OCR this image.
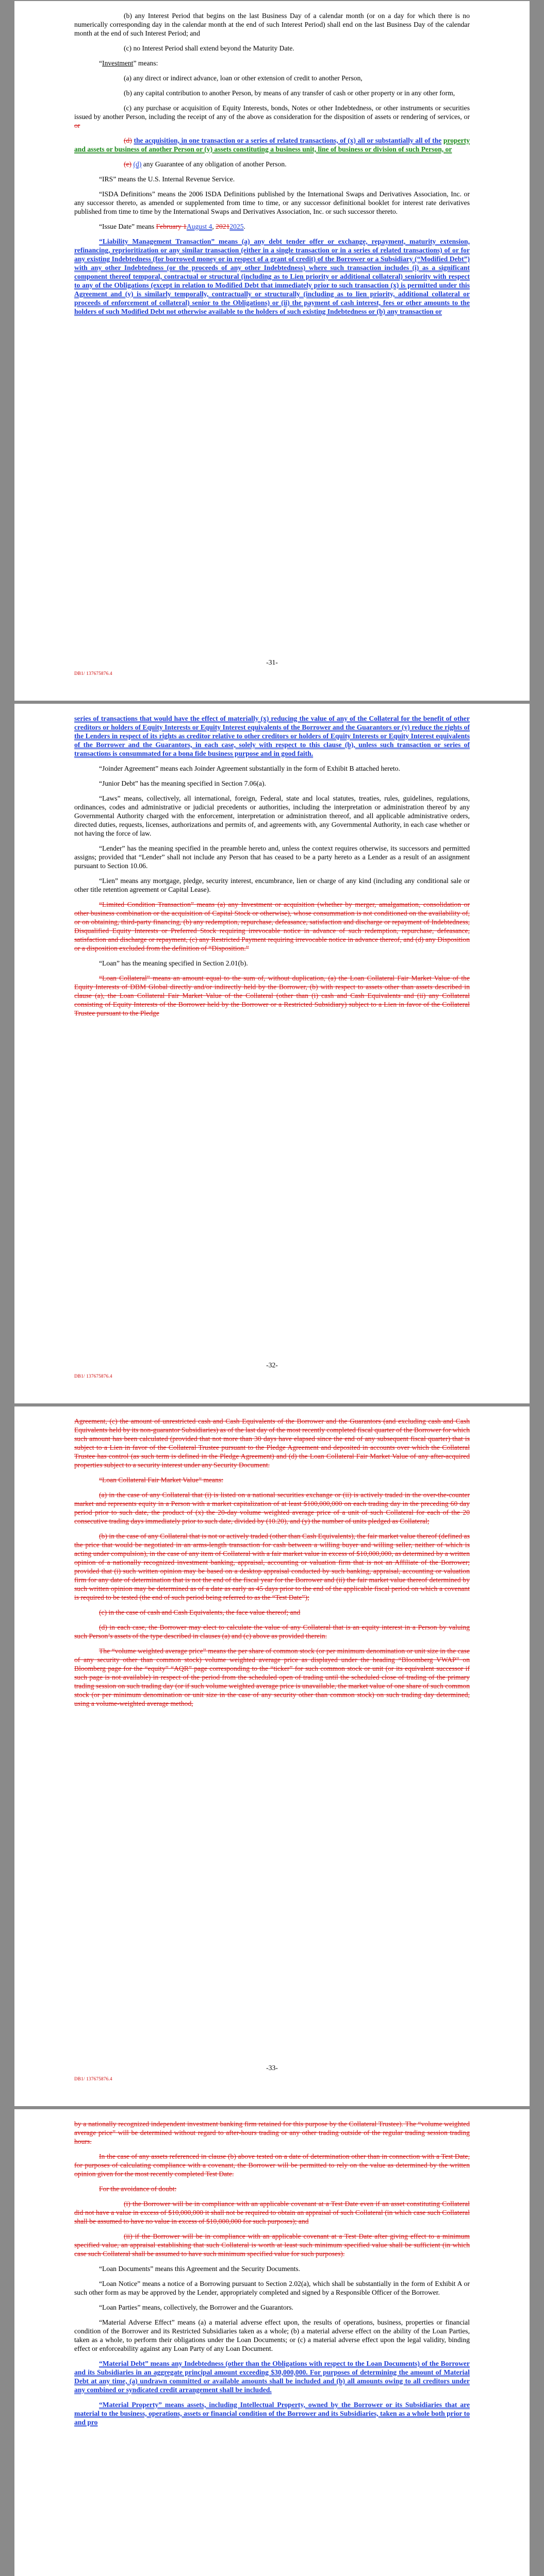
(b) any Interest Period that begins on the last Business Day of a calendar month (or on a day for which there is no numerically corresponding day in the calendar month at the end of such Interest Period) shall end on the last Business Day of the calendar month at the end of such Interest Period; and

(c) no Interest Period shall extend beyond the Maturity Date.

“Investment” means:

(a) any direct or indirect advance, loan or other extension of credit to another Person,

(b) any capital contribution to another Person, by means of any transfer of cash or other property or in any other form,

(c) any purchase or acquisition of Equity Interests, bonds, Notes or other Indebtedness, or other instruments or securities issued by another Person, including the receipt of any of the above as consideration for the disposition of assets or rendering of services, or or

(d) the acquisition, in one transaction or a series of related transactions, of (x) all or substantially all of the property and assets or business of another Person or (y) assets constituting a business unit, line of business or division of such Person, or

(e) (d) any Guarantee of any obligation of another Person.

“IRS” means the U.S. Internal Revenue Service.

“ISDA Definitions” means the 2006 ISDA Definitions published by the International Swaps and Derivatives Association, Inc. or any successor thereto, as amended or supplemented from time to time, or any successor definitional booklet for interest rate derivatives published from time to time by the International Swaps and Derivatives Association, Inc. or such successor thereto.

“Issue Date” means February 1August 4, 20212025.

“Liability Management Transaction” means (a) any debt tender offer or exchange, repayment, maturity extension, refinancing, reprioritization or any similar transaction (either in a single transaction or in a series of related transactions) of or for any existing Indebtedness (for borrowed money or in respect of a grant of credit) of the Borrower or a Subsidiary (“Modified Debt”) with any other Indebtedness (or the proceeds of any other Indebtedness) where such transaction includes (i) as a significant component thereof temporal, contractual or structural (including as to Lien priority or additional collateral) seniority with respect to any of the Obligations (except in relation to Modified Debt that immediately prior to such transaction (x) is permitted under this Agreement and (y) is similarly temporally, contractually or structurally (including as to lien priority, additional collateral or proceeds of enforcement of collateral) senior to the Obligations) or (ii) the payment of cash interest, fees or other amounts to the holders of such Modified Debt not otherwise available to the holders of such existing Indebtedness or (b) any transaction or

-31-
DB1/ 137675876.4

series of transactions that would have the effect of materially (x) reducing the value of any of the Collateral for the benefit of other creditors or holders of Equity Interests or Equity Interest equivalents of the Borrower and the Guarantors or (y) reduce the rights of the Lenders in respect of its rights as creditor relative to other creditors or holders of Equity Interests or Equity Interest equivalents of the Borrower and the Guarantors, in each case, solely with respect to this clause (b), unless such transaction or series of transactions is consummated for a bona fide business purpose and in good faith.

“Joinder Agreement” means each Joinder Agreement substantially in the form of Exhibit B attached hereto.

“Junior Debt” has the meaning specified in Section 7.06(a).

“Laws” means, collectively, all international, foreign, Federal, state and local statutes, treaties, rules, guidelines, regulations, ordinances, codes and administrative or judicial precedents or authorities, including the interpretation or administration thereof by any Governmental Authority charged with the enforcement, interpretation or administration thereof, and all applicable administrative orders, directed duties, requests, licenses, authorizations and permits of, and agreements with, any Governmental Authority, in each case whether or not having the force of law.

“Lender” has the meaning specified in the preamble hereto and, unless the context requires otherwise, its successors and permitted assigns; provided that “Lender” shall not include any Person that has ceased to be a party hereto as a Lender as a result of an assignment pursuant to Section 10.06.

“Lien” means any mortgage, pledge, security interest, encumbrance, lien or charge of any kind (including any conditional sale or other title retention agreement or Capital Lease).

“Limited Condition Transaction” means (a) any Investment or acquisition (whether by merger, amalgamation, consolidation or other business combination or the acquisition of Capital Stock or otherwise), whose consummation is not conditioned on the availability of, or on obtaining, third-party financing, (b) any redemption, repurchase, defeasance, satisfaction and discharge or repayment of Indebtedness, Disqualified Equity Interests or Preferred Stock requiring irrevocable notice in advance of such redemption, repurchase, defeasance, satisfaction and discharge or repayment, (c) any Restricted Payment requiring irrevocable notice in advance thereof, and (d) any Disposition or a disposition excluded from the definition of “Disposition.”

“Loan” has the meaning specified in Section 2.01(b).

“Loan Collateral” means an amount equal to the sum of, without duplication, (a) the Loan Collateral Fair Market Value of the Equity Interests of DBM Global directly and/or indirectly held by the Borrower, (b) with respect to assets other than assets described in clause (a), the Loan Collateral Fair Market Value of the Collateral (other than (i) cash and Cash Equivalents and (ii) any Collateral consisting of Equity Interests of the Borrower held by the Borrower or a Restricted Subsidiary) subject to a Lien in favor of the Collateral Trustee pursuant to the Pledge

-32-
DB1/ 137675876.4

Agreement, (c) the amount of unrestricted cash and Cash Equivalents of the Borrower and the Guarantors (and excluding cash and Cash Equivalents held by its non-guarantor Subsidiaries) as of the last day of the most recently completed fiscal quarter of the Borrower for which such amount has been calculated (provided that not more than 30 days have elapsed since the end of any subsequent fiscal quarter) that is subject to a Lien in favor of the Collateral Trustee pursuant to the Pledge Agreement and deposited in accounts over which the Collateral Trustee has control (as such term is defined in the Pledge Agreement) and (d) the Loan Collateral Fair Market Value of any after-acquired properties subject to a security interest under any Security Document.

“Loan Collateral Fair Market Value” means:

(a) in the case of any Collateral that (i) is listed on a national securities exchange or (ii) is actively traded in the over-the-counter market and represents equity in a Person with a market capitalization of at least $100,000,000 on each trading day in the preceding 60 day period prior to such date, the product of (x) the 20-day volume weighted average price of a unit of such Collateral for each of the 20 consecutive trading days immediately prior to such date, divided by (10.20), and (y) the number of units pledged as Collateral;

(b) in the case of any Collateral that is not or actively traded (other than Cash Equivalents), the fair market value thereof (defined as the price that would be negotiated in an arms-length transaction for cash between a willing buyer and willing seller, neither of which is acting under compulsion), in the case of any item of Collateral with a fair market value in excess of $10,000,000, as determined by a written opinion of a nationally recognized investment banking, appraisal, accounting or valuation firm that is not an Affiliate of the Borrower; provided that (i) such written opinion may be based on a desktop appraisal conducted by such banking, appraisal, accounting or valuation firm for any date of determination that is not the end of the fiscal year for the Borrower and (ii) the fair market value thereof determined by such written opinion may be determined as of a date as early as 45 days prior to the end of the applicable fiscal period on which a covenant is required to be tested (the end of such period being referred to as the “Test Date”);

(c) in the case of cash and Cash Equivalents, the face value thereof; and

(d) in each case, the Borrower may elect to calculate the value of any Collateral that is an equity interest in a Person by valuing such Person’s assets of the type described in clauses (a) and (c) above as provided therein.

The “volume weighted average price” means the per share of common stock (or per minimum denomination or unit size in the case of any security other than common stock) volume weighted average price as displayed under the heading “Bloomberg VWAP” on Bloomberg page for the “equity” “AQR” page corresponding to the “ticker” for such common stock or unit (or its equivalent successor if such page is not available) in respect of the period from the scheduled open of trading until the scheduled close of trading of the primary trading session on such trading day (or if such volume weighted average price is unavailable, the market value of one share of such common stock (or per minimum denomination or unit size in the case of any security other than common stock) on such trading day determined, using a volume-weighted average method,

-33-
DB1/ 137675876.4

by a nationally recognized independent investment banking firm retained for this purpose by the Collateral Trustee). The “volume weighted average price” will be determined without regard to after-hours trading or any other trading outside of the regular trading session trading hours.

In the case of any assets referenced in clause (b) above tested on a date of determination other than in connection with a Test Date, for purposes of calculating compliance with a covenant, the Borrower will be permitted to rely on the value as determined by the written opinion given for the most recently completed Test Date.

For the avoidance of doubt:

(i) the Borrower will be in compliance with an applicable covenant at a Test Date even if an asset constituting Collateral did not have a value in excess of $10,000,000 it shall not be required to obtain an appraisal of such Collateral (in which case such Collateral shall be assumed to have no value in excess of $10,000,000 for such purposes); and

(ii) if the Borrower will be in compliance with an applicable covenant at a Test Date after giving effect to a minimum specified value, an appraisal establishing that such Collateral is worth at least such minimum specified value shall be sufficient (in which case such Collateral shall be assumed to have such minimum specified value for such purposes).

“Loan Documents” means this Agreement and the Security Documents.

“Loan Notice” means a notice of a Borrowing pursuant to Section 2.02(a), which shall be substantially in the form of Exhibit A or such other form as may be approved by the Lender, appropriately completed and signed by a Responsible Officer of the Borrower.

“Loan Parties” means, collectively, the Borrower and the Guarantors.

“Material Adverse Effect” means (a) a material adverse effect upon, the results of operations, business, properties or financial condition of the Borrower and its Restricted Subsidiaries taken as a whole; (b) a material adverse effect on the ability of the Loan Parties, taken as a whole, to perform their obligations under the Loan Documents; or (c) a material adverse effect upon the legal validity, binding effect or enforceability against any Loan Party of any Loan Document.

“Material Debt” means any Indebtedness (other than the Obligations with respect to the Loan Documents) of the Borrower and its Subsidiaries in an aggregate principal amount exceeding $30,000,000. For purposes of determining the amount of Material Debt at any time, (a) undrawn committed or available amounts shall be included and (b) all amounts owing to all creditors under any combined or syndicated credit arrangement shall be included.

“Material Property” means assets, including Intellectual Property, owned by the Borrower or its Subsidiaries that are material to the business, operations, assets or financial condition of the Borrower and its Subsidiaries, taken as a whole both prior to and pro
